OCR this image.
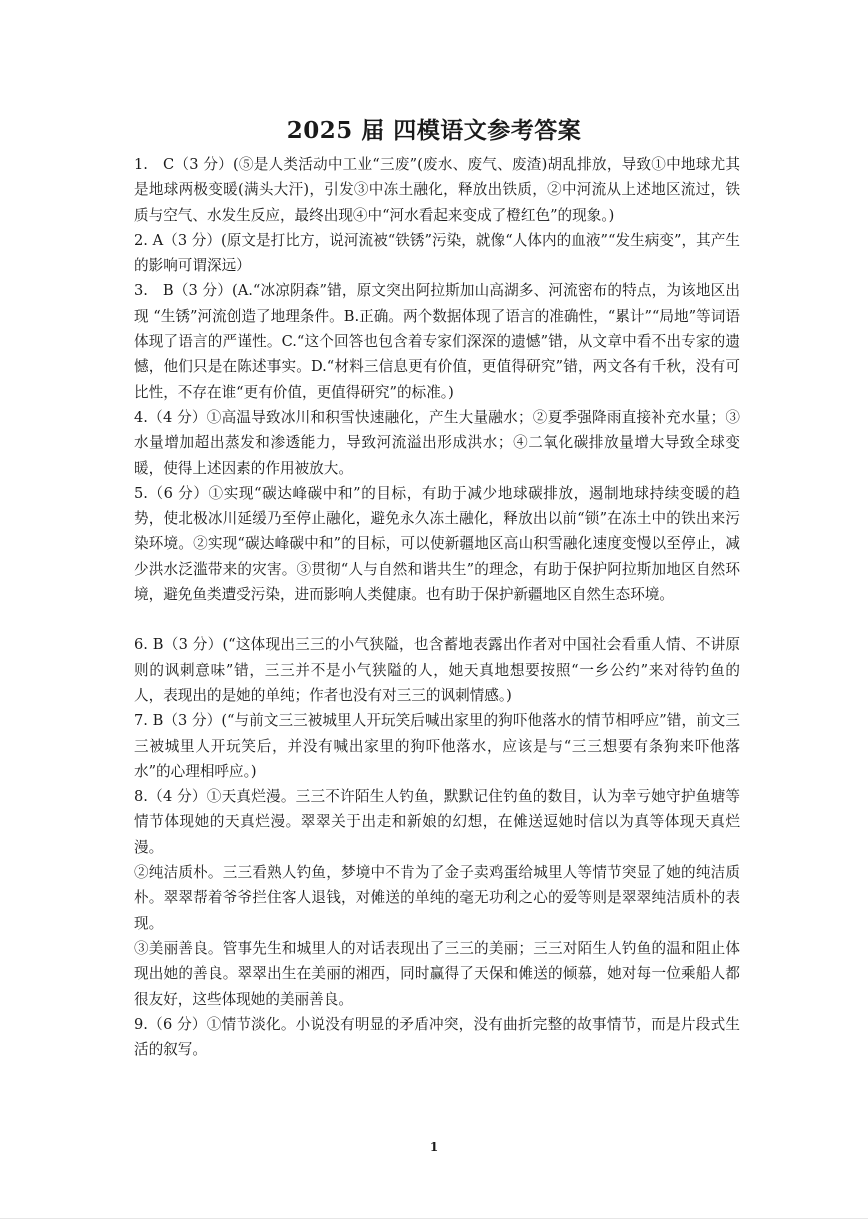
2025 届 四模语文参考答案

1.　C（3 分）(⑤是人类活动中工业“三废”(废水、废气、废渣)胡乱排放，导致①中地球尤其是地球两极变暖(满头大汗)，引发③中冻土融化，释放出铁质，②中河流从上述地区流过，铁质与空气、水发生反应，最终出现④中“河水看起来变成了橙红色”的现象。)

2. A（3 分）(原文是打比方，说河流被“铁锈”污染，就像“人体内的血液”“发生病变”，其产生的影响可谓深远）

3.　B（3 分）(A.“冰凉阴森”错，原文突出阿拉斯加山高湖多、河流密布的特点，为该地区出现 “生锈”河流创造了地理条件。B.正确。两个数据体现了语言的准确性，“累计”“局地”等词语体现了语言的严谨性。C.“这个回答也包含着专家们深深的遗憾”错，从文章中看不出专家的遗憾，他们只是在陈述事实。D.“材料三信息更有价值，更值得研究”错，两文各有千秋，没有可比性，不存在谁“更有价值，更值得研究”的标准。)

4.（4 分）①高温导致冰川和积雪快速融化，产生大量融水；②夏季强降雨直接补充水量；③水量增加超出蒸发和渗透能力，导致河流溢出形成洪水；④二氧化碳排放量增大导致全球变暖，使得上述因素的作用被放大。

5.（6 分）①实现“碳达峰碳中和”的目标，有助于减少地球碳排放，遏制地球持续变暖的趋势，使北极冰川延缓乃至停止融化，避免永久冻土融化，释放出以前“锁”在冻土中的铁出来污染环境。②实现“碳达峰碳中和”的目标，可以使新疆地区高山积雪融化速度变慢以至停止，减少洪水泛滥带来的灾害。③贯彻“人与自然和谐共生”的理念，有助于保护阿拉斯加地区自然环境，避免鱼类遭受污染，进而影响人类健康。也有助于保护新疆地区自然生态环境。

6. B（3 分）(“这体现出三三的小气狭隘，也含蓄地表露出作者对中国社会看重人情、不讲原则的讽刺意味”错，三三并不是小气狭隘的人，她天真地想要按照“一乡公约”来对待钓鱼的人，表现出的是她的单纯；作者也没有对三三的讽刺情感。)

7. B（3 分）(“与前文三三被城里人开玩笑后喊出家里的狗吓他落水的情节相呼应”错，前文三三被城里人开玩笑后，并没有喊出家里的狗吓他落水，应该是与“三三想要有条狗来吓他落水”的心理相呼应。)

8.（4 分）①天真烂漫。三三不许陌生人钓鱼，默默记住钓鱼的数目，认为幸亏她守护鱼塘等情节体现她的天真烂漫。翠翠关于出走和新娘的幻想，在傩送逗她时信以为真等体现天真烂漫。

②纯洁质朴。三三看熟人钓鱼，梦境中不肯为了金子卖鸡蛋给城里人等情节突显了她的纯洁质朴。翠翠帮着爷爷拦住客人退钱，对傩送的单纯的毫无功利之心的爱等则是翠翠纯洁质朴的表现。

③美丽善良。管事先生和城里人的对话表现出了三三的美丽；三三对陌生人钓鱼的温和阻止体现出她的善良。翠翠出生在美丽的湘西，同时赢得了天保和傩送的倾慕，她对每一位乘船人都很友好，这些体现她的美丽善良。

9.（6 分）①情节淡化。小说没有明显的矛盾冲突，没有曲折完整的故事情节，而是片段式生活的叙写。

1
